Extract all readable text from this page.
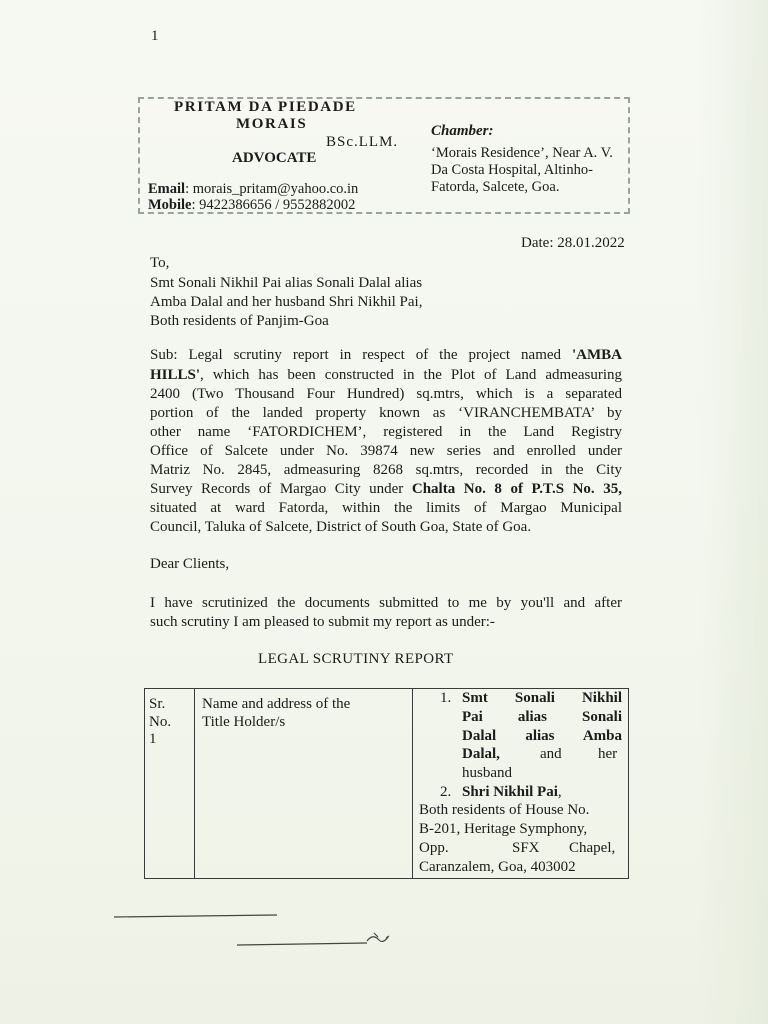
1
PRITAM DA PIEDADE
MORAIS
BSc.LLM.
ADVOCATE
Email: morais_pritam@yahoo.co.in
Mobile: 9422386656 / 9552882002
Chamber:
‘Morais Residence’, Near A. V.
Da Costa Hospital, Altinho-
Fatorda, Salcete, Goa.
Date: 28.01.2022
To,
Smt Sonali Nikhil Pai alias Sonali Dalal alias
Amba Dalal and her husband Shri Nikhil Pai,
Both residents of Panjim-Goa
Sub: Legal scrutiny report in respect of the project named 'AMBA
HILLS', which has been constructed in the Plot of Land admeasuring
2400 (Two Thousand Four Hundred) sq.mtrs, which is a separated
portion of the landed property known as ‘VIRANCHEMBATA’ by
other name ‘FATORDICHEM’, registered in the Land Registry
Office of Salcete under No. 39874 new series and enrolled under
Matriz No. 2845, admeasuring 8268 sq.mtrs, recorded in the City
Survey Records of Margao City under Chalta No. 8 of P.T.S No. 35,
situated at ward Fatorda, within the limits of Margao Municipal
Council, Taluka of Salcete, District of South Goa, State of Goa.
Dear Clients,
I have scrutinized the documents submitted to me by you'll and after
such scrutiny I am pleased to submit my report as under:-
LEGAL SCRUTINY REPORT
Sr.
No.
1
Name and address of the
Title Holder/s
1. Smt Sonali Nikhil
Pai alias Sonali
Dalal alias Amba
Dalal,	and her
husband
2. Shri Nikhil Pai,
Both residents of House No.
B-201, Heritage Symphony,
Opp.	SFX Chapel,
Caranzalem, Goa, 403002
